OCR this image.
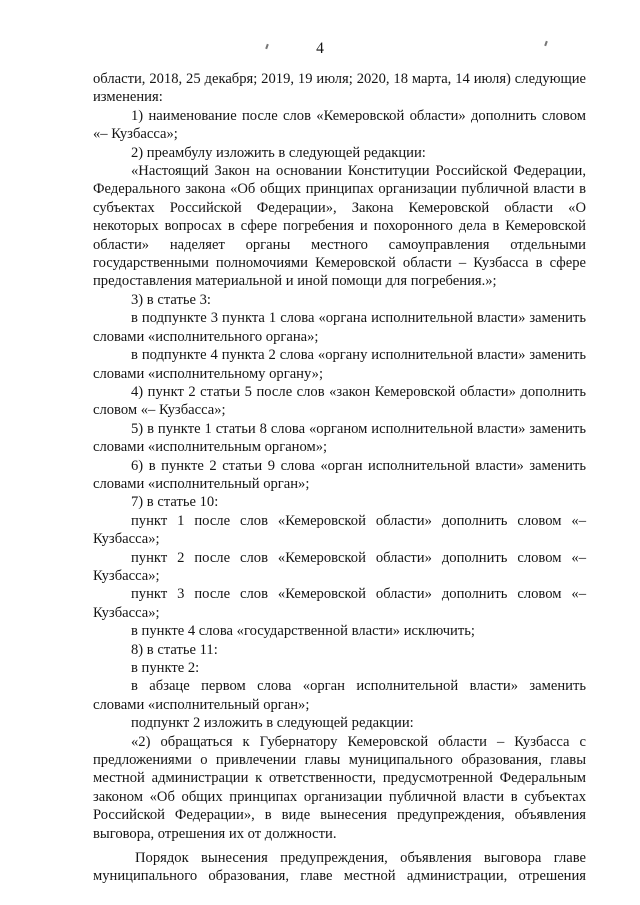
4

области, 2018, 25 декабря; 2019, 19 июля; 2020, 18 марта, 14 июля) следующие изменения:

1) наименование после слов «Кемеровской области» дополнить словом «– Кузбасса»;

2) преамбулу изложить в следующей редакции:

«Настоящий Закон на основании Конституции Российской Федерации, Федерального закона «Об общих принципах организации публичной власти в субъектах Российской Федерации», Закона Кемеровской области «О некоторых вопросах в сфере погребения и похоронного дела в Кемеровской области» наделяет органы местного самоуправления отдельными государственными полномочиями Кемеровской области – Кузбасса в сфере предоставления материальной и иной помощи для погребения.»;

3) в статье 3:

в подпункте 3 пункта 1 слова «органа исполнительной власти» заменить словами «исполнительного органа»;

в подпункте 4 пункта 2 слова «органу исполнительной власти» заменить словами «исполнительному органу»;

4) пункт 2 статьи 5 после слов «закон Кемеровской области» дополнить словом «– Кузбасса»;

5) в пункте 1 статьи 8 слова «органом исполнительной власти» заменить словами «исполнительным органом»;

6) в пункте 2 статьи 9 слова «орган исполнительной власти» заменить словами «исполнительный орган»;

7) в статье 10:

пункт 1 после слов «Кемеровской области» дополнить словом «– Кузбасса»;

пункт 2 после слов «Кемеровской области» дополнить словом «– Кузбасса»;

пункт 3 после слов «Кемеровской области» дополнить словом «– Кузбасса»;

в пункте 4 слова «государственной власти» исключить;

8) в статье 11:

в пункте 2:

в абзаце первом слова «орган исполнительной власти» заменить словами «исполнительный орган»;

подпункт 2 изложить в следующей редакции:

«2) обращаться к Губернатору Кемеровской области – Кузбасса с предложениями о привлечении главы муниципального образования, главы местной администрации к ответственности, предусмотренной Федеральным законом «Об общих принципах организации публичной власти в субъектах Российской Федерации», в виде вынесения предупреждения, объявления выговора, отрешения их от должности.

Порядок вынесения предупреждения, объявления выговора главе муниципального образования, главе местной администрации, отрешения
